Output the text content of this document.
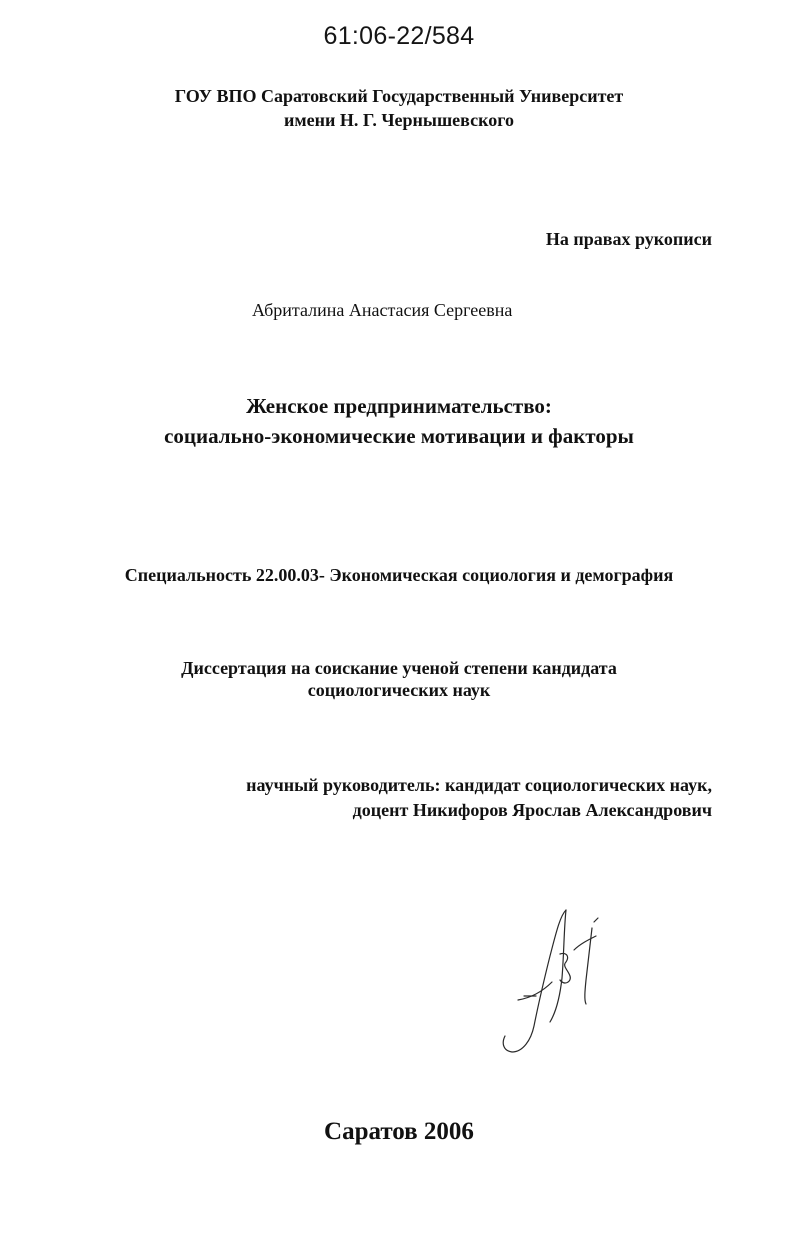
61:06-22/584
ГОУ ВПО Саратовский Государственный Университет
имени Н. Г. Чернышевского
На правах рукописи
Абриталина Анастасия Сергеевна
Женское предпринимательство:
социально-экономические мотивации и факторы
Специальность 22.00.03- Экономическая социология и демография
Диссертация на соискание ученой степени кандидата
социологических наук
научный руководитель: кандидат социологических наук,
доцент Никифоров Ярослав Александрович
Саратов 2006
